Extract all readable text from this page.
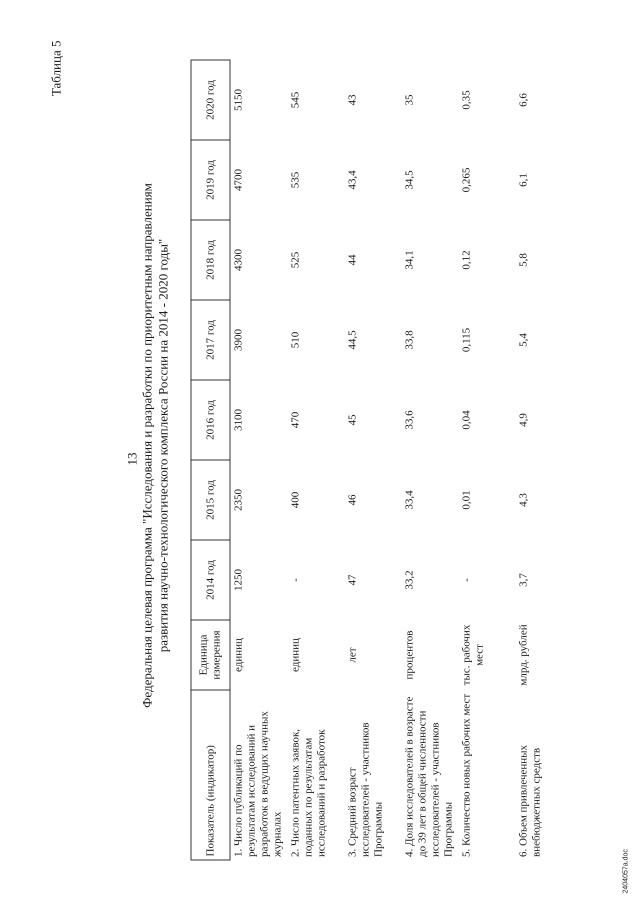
13
Таблица 5
Федеральная целевая программа "Исследования и разработки по приоритетным направлениям развития научно-технологического комплекса России на 2014 - 2020 годы"
Показатель (индикатор)	Единица измерения	2014 год	2015 год	2016 год	2017 год	2018 год	2019 год	2020 год
1. Число публикаций по результатам исследований и разработок в ведущих научных журналах	единиц	1250	2350	3100	3900	4300	4700	5150
2. Число патентных заявок, поданных по результатам исследований и разработок	единиц	-	400	470	510	525	535	545
3. Средний возраст исследователей - участников Программы	лет	47	46	45	44,5	44	43,4	43
4. Доля исследователей в возрасте до 39 лет в общей численности исследователей - участников Программы	процентов	33,2	33,4	33,6	33,8	34,1	34,5	35
5. Количество новых рабочих мест	тыс. рабочих мест	-	0,01	0,04	0,115	0,12	0,265	0,35
6. Объем привлеченных внебюджетных средств	млрд. рублей	3,7	4,3	4,9	5,4	5,8	6,1	6,6
2404057a.doc
